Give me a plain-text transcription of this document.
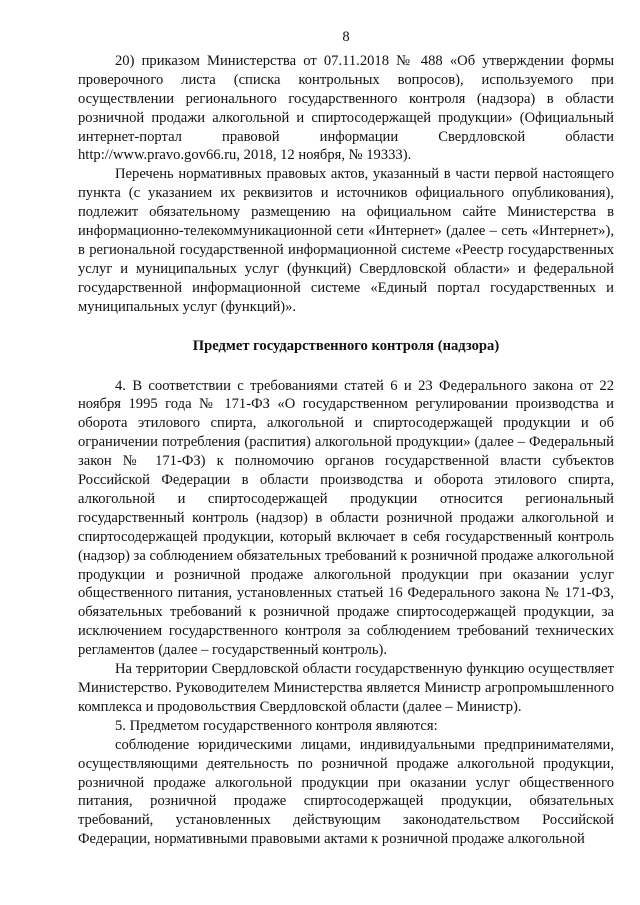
8

20) приказом Министерства от 07.11.2018 № 488 «Об утверждении формы проверочного листа (списка контрольных вопросов), используемого при осуществлении регионального государственного контроля (надзора) в области розничной продажи алкогольной и спиртосодержащей продукции» (Официальный интернет-портал правовой информации Свердловской области http://www.pravo.gov66.ru, 2018, 12 ноября, № 19333).

Перечень нормативных правовых актов, указанный в части первой настоящего пункта (с указанием их реквизитов и источников официального опубликования), подлежит обязательному размещению на официальном сайте Министерства в информационно-телекоммуникационной сети «Интернет» (далее – сеть «Интернет»), в региональной государственной информационной системе «Реестр государственных услуг и муниципальных услуг (функций) Свердловской области» и федеральной государственной информационной системе «Единый портал государственных и муниципальных услуг (функций)».

Предмет государственного контроля (надзора)

4. В соответствии с требованиями статей 6 и 23 Федерального закона от 22 ноября 1995 года № 171-ФЗ «О государственном регулировании производства и оборота этилового спирта, алкогольной и спиртосодержащей продукции и об ограничении потребления (распития) алкогольной продукции» (далее – Федеральный закон № 171-ФЗ) к полномочию органов государственной власти субъектов Российской Федерации в области производства и оборота этилового спирта, алкогольной и спиртосодержащей продукции относится региональный государственный контроль (надзор) в области розничной продажи алкогольной и спиртосодержащей продукции, который включает в себя государственный контроль (надзор) за соблюдением обязательных требований к розничной продаже алкогольной продукции и розничной продаже алкогольной продукции при оказании услуг общественного питания, установленных статьей 16 Федерального закона № 171-ФЗ, обязательных требований к розничной продаже спиртосодержащей продукции, за исключением государственного контроля за соблюдением требований технических регламентов (далее – государственный контроль).

На территории Свердловской области государственную функцию осуществляет Министерство. Руководителем Министерства является Министр агропромышленного комплекса и продовольствия Свердловской области (далее – Министр).

5. Предметом государственного контроля являются:

соблюдение юридическими лицами, индивидуальными предпринимателями, осуществляющими деятельность по розничной продаже алкогольной продукции, розничной продаже алкогольной продукции при оказании услуг общественного питания, розничной продаже спиртосодержащей продукции, обязательных требований, установленных действующим законодательством Российской Федерации, нормативными правовыми актами к розничной продаже алкогольной
